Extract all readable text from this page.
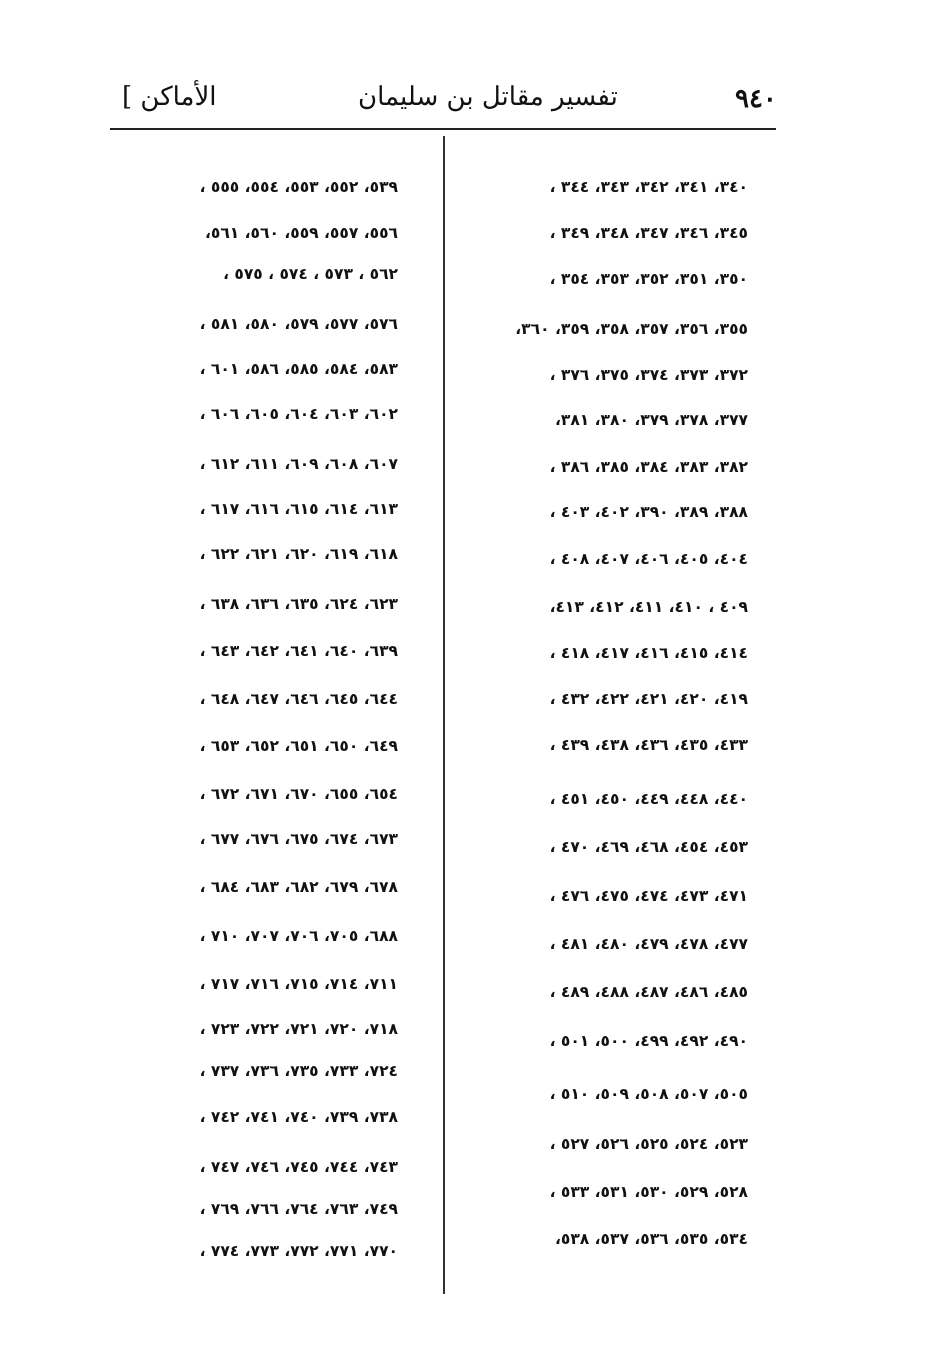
٩٤٠
تفسير مقاتل بن سليمان
[ الأماكن
٣٤٠، ٣٤١، ٣٤٢، ٣٤٣، ٣٤٤ ،
٣٤٥، ٣٤٦، ٣٤٧، ٣٤٨، ٣٤٩ ،
٣٥٠، ٣٥١، ٣٥٢، ٣٥٣، ٣٥٤ ،
٣٥٥، ٣٥٦، ٣٥٧، ٣٥٨، ٣٥٩، ٣٦٠،
٣٧٢، ٣٧٣، ٣٧٤، ٣٧٥، ٣٧٦ ،
٣٧٧، ٣٧٨، ٣٧٩، ٣٨٠، ٣٨١،
٣٨٢، ٣٨٣، ٣٨٤، ٣٨٥، ٣٨٦ ،
٣٨٨، ٣٨٩، ٣٩٠، ٤٠٢، ٤٠٣ ،
٤٠٤، ٤٠٥، ٤٠٦، ٤٠٧، ٤٠٨ ،
٤٠٩ ، ٤١٠، ٤١١، ٤١٢، ٤١٣،
٤١٤، ٤١٥، ٤١٦، ٤١٧، ٤١٨ ،
٤١٩، ٤٢٠، ٤٢١، ٤٢٢، ٤٣٢ ،
٤٣٣، ٤٣٥، ٤٣٦، ٤٣٨، ٤٣٩ ،
٤٤٠، ٤٤٨، ٤٤٩، ٤٥٠، ٤٥١ ،
٤٥٣، ٤٥٤، ٤٦٨، ٤٦٩، ٤٧٠ ،
٤٧١، ٤٧٣، ٤٧٤، ٤٧٥، ٤٧٦ ،
٤٧٧، ٤٧٨، ٤٧٩، ٤٨٠، ٤٨١ ،
٤٨٥، ٤٨٦، ٤٨٧، ٤٨٨، ٤٨٩ ،
٤٩٠، ٤٩٢، ٤٩٩، ٥٠٠، ٥٠١ ،
٥٠٥، ٥٠٧، ٥٠٨، ٥٠٩، ٥١٠ ،
٥٢٣، ٥٢٤، ٥٢٥، ٥٢٦، ٥٢٧ ،
٥٢٨، ٥٢٩، ٥٣٠، ٥٣١، ٥٣٣ ،
٥٣٤، ٥٣٥، ٥٣٦، ٥٣٧، ٥٣٨،
٥٣٩، ٥٥٢، ٥٥٣، ٥٥٤، ٥٥٥ ،
٥٥٦، ٥٥٧، ٥٥٩، ٥٦٠، ٥٦١،
٥٦٢ ، ٥٧٣ ، ٥٧٤ ، ٥٧٥ ،
٥٧٦، ٥٧٧، ٥٧٩، ٥٨٠، ٥٨١ ،
٥٨٣، ٥٨٤، ٥٨٥، ٥٨٦، ٦٠١ ،
٦٠٢، ٦٠٣، ٦٠٤، ٦٠٥، ٦٠٦ ،
٦٠٧، ٦٠٨، ٦٠٩، ٦١١، ٦١٢ ،
٦١٣، ٦١٤، ٦١٥، ٦١٦، ٦١٧ ،
٦١٨، ٦١٩، ٦٢٠، ٦٢١، ٦٢٢ ،
٦٢٣، ٦٢٤، ٦٣٥، ٦٣٦، ٦٣٨ ،
٦٣٩، ٦٤٠، ٦٤١، ٦٤٢، ٦٤٣ ،
٦٤٤، ٦٤٥، ٦٤٦، ٦٤٧، ٦٤٨ ،
٦٤٩، ٦٥٠، ٦٥١، ٦٥٢، ٦٥٣ ،
٦٥٤، ٦٥٥، ٦٧٠، ٦٧١، ٦٧٢ ،
٦٧٣، ٦٧٤، ٦٧٥، ٦٧٦، ٦٧٧ ،
٦٧٨، ٦٧٩، ٦٨٢، ٦٨٣، ٦٨٤ ،
٦٨٨، ٧٠٥، ٧٠٦، ٧٠٧، ٧١٠ ،
٧١١، ٧١٤، ٧١٥، ٧١٦، ٧١٧ ،
٧١٨، ٧٢٠، ٧٢١، ٧٢٢، ٧٢٣ ،
٧٢٤، ٧٣٣، ٧٣٥، ٧٣٦، ٧٣٧ ،
٧٣٨، ٧٣٩، ٧٤٠، ٧٤١، ٧٤٢ ،
٧٤٣، ٧٤٤، ٧٤٥، ٧٤٦، ٧٤٧ ،
٧٤٩، ٧٦٣، ٧٦٤، ٧٦٦، ٧٦٩ ،
٧٧٠، ٧٧١، ٧٧٢، ٧٧٣، ٧٧٤ ،
